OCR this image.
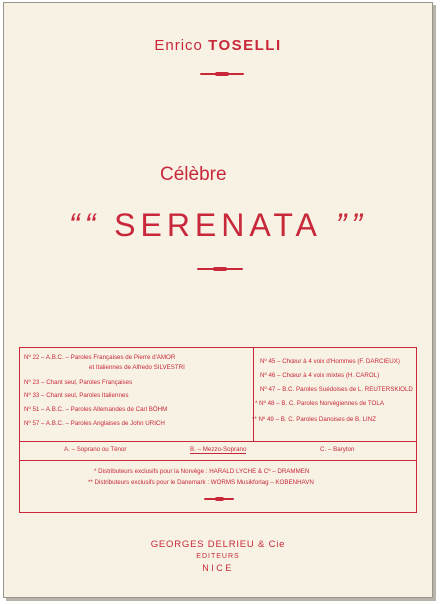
Enrico TOSELLI
Célèbre
““ SERENATA ””
Nº 22 – A.B.C. – Paroles Françaises de Pierre d'AMOR
et Italiennes de Alfredo SILVESTRI
Nº 23 – Chant seul, Paroles Françaises
Nº 33 – Chant seul, Paroles Italiennes
Nº 51 – A.B.C. – Paroles Allemandes de Carl BÖHM
Nº 57 – A.B.C. – Paroles Anglaises de John URICH
Nº 45 – Chœur à 4 voix d'Hommes (F. DARCIEUX)
Nº 46 – Chœur à 4 voix mixtes (H. CAROL)
Nº 47 – B.C. Paroles Suédoises de L. REUTERSKIOLD
* Nº 48 – B. C. Paroles Norvégiennes de TOLA
** Nº 49 – B. C. Paroles Danoises de B. LINZ
A. – Soprano ou Ténor	B. – Mezzo-Soprano	C. – Baryton
* Distributeurs exclusifs pour la Norvège : HARALD LYCHE & Cº – DRAMMEN
** Distributeurs exclusifs pour le Danemark : WORMS Musikforlag – KOBENHAVN
GEORGES DELRIEU & Cie
EDITEURS
NICE
